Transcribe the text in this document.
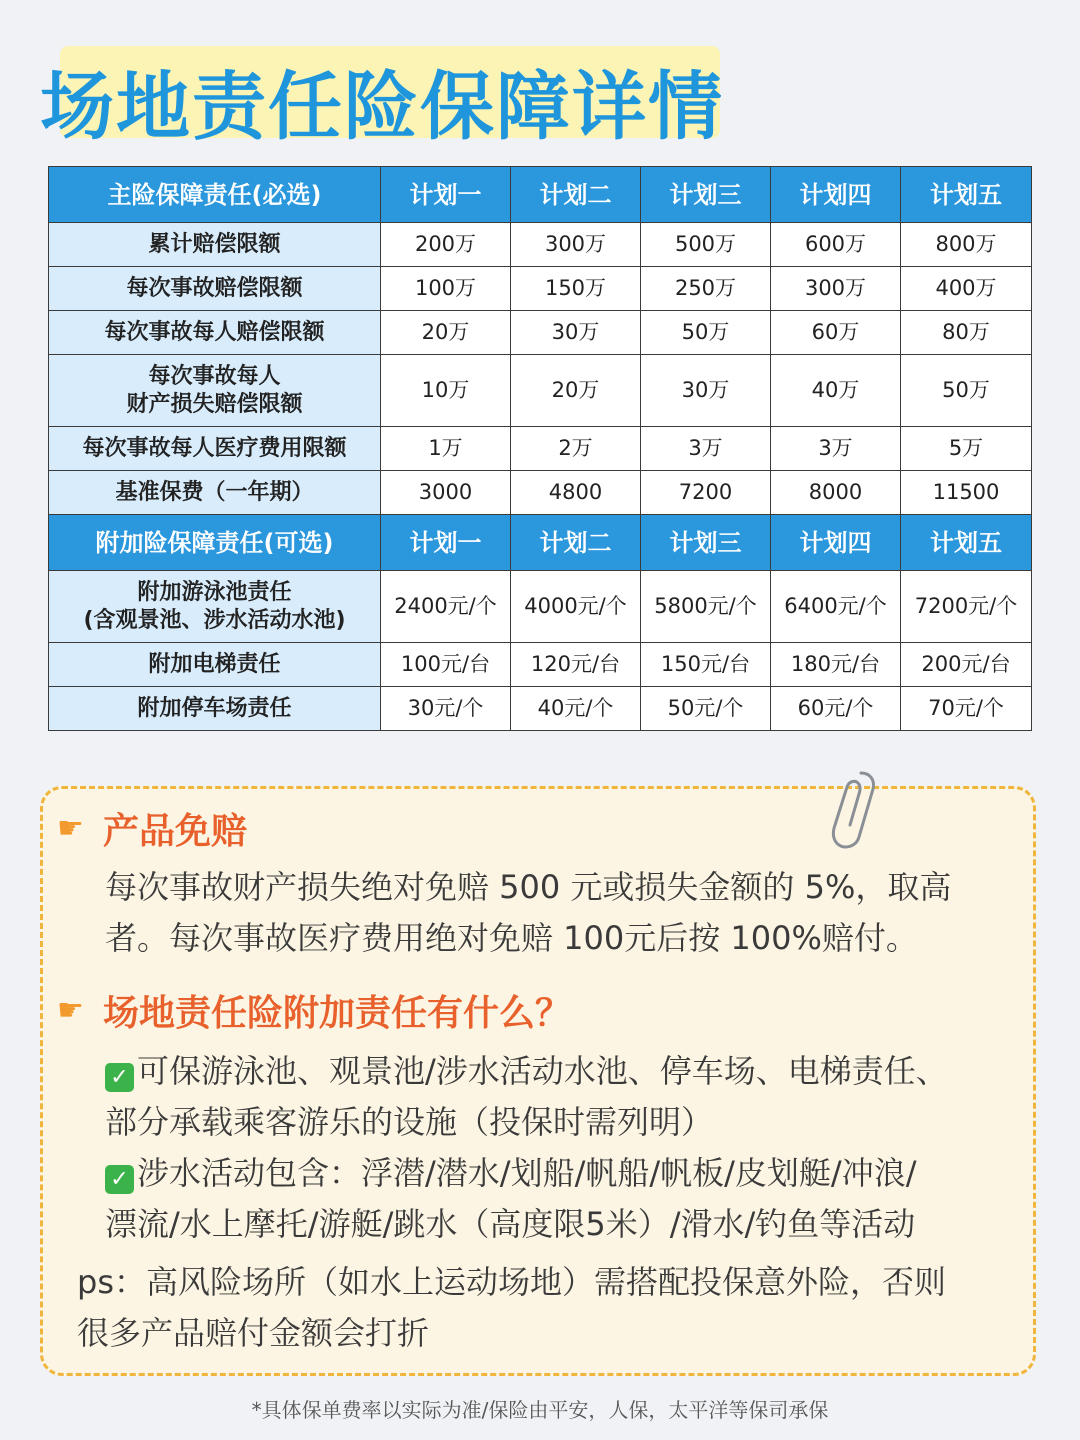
场地责任险保障详情
主险保障责任(必选)	计划一	计划二	计划三	计划四	计划五
累计赔偿限额	200万	300万	500万	600万	800万
每次事故赔偿限额	100万	150万	250万	300万	400万
每次事故每人赔偿限额	20万	30万	50万	60万	80万

每次事故每人
财产损失赔偿限额	10万	20万	30万	40万	50万
每次事故每人医疗费用限额	1万	2万	3万	3万	5万
基准保费（一年期）	3000	4800	7200	8000	11500
附加险保障责任(可选)	计划一	计划二	计划三	计划四	计划五

附加游泳池责任
(含观景池、涉水活动水池)	2400元/个	4000元/个	5800元/个	6400元/个	7200元/个
附加电梯责任	100元/台	120元/台	150元/台	180元/台	200元/台
附加停车场责任	30元/个	40元/个	50元/个	60元/个	70元/个
☛ 产品免赔
每次事故财产损失绝对免赔 500 元或损失金额的 5%，取高
者。每次事故医疗费用绝对免赔 100元后按 100%赔付。
☛ 场地责任险附加责任有什么？
✓ 可保游泳池、观景池/涉水活动水池、停车场、电梯责任、
部分承载乘客游乐的设施（投保时需列明）
✓ 涉水活动包含：浮潜/潜水/划船/帆船/帆板/皮划艇/冲浪/
漂流/水上摩托/游艇/跳水（高度限5米）/滑水/钓鱼等活动
ps：高风险场所（如水上运动场地）需搭配投保意外险，否则
很多产品赔付金额会打折
*具体保单费率以实际为准/保险由平安，人保，太平洋等保司承保
